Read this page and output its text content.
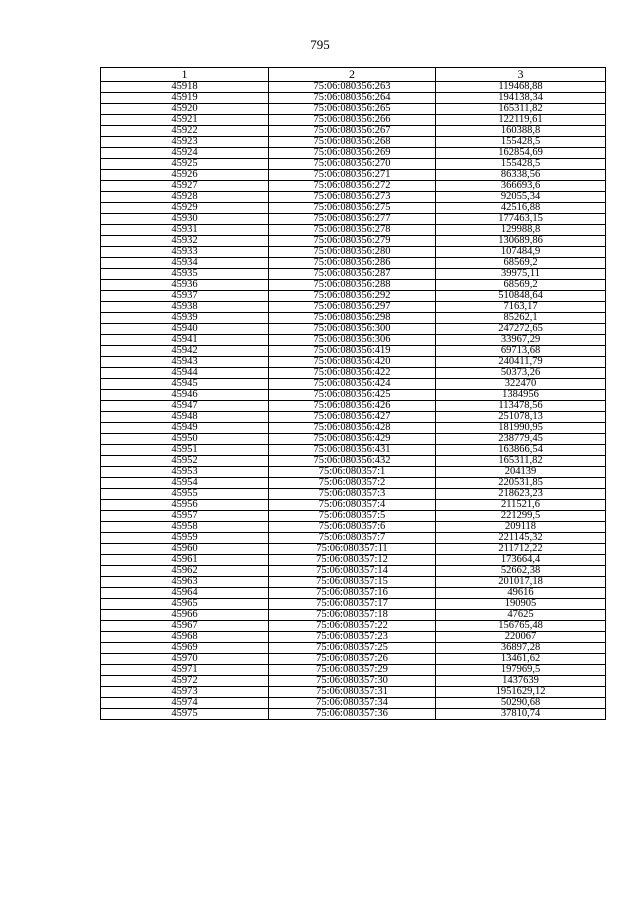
795
1	2	3
45918	75:06:080356:263	119468,88
45919	75:06:080356:264	194138,34
45920	75:06:080356:265	165311,82
45921	75:06:080356:266	122119,61
45922	75:06:080356:267	160388,8
45923	75:06:080356:268	155428,5
45924	75:06:080356:269	162854,69
45925	75:06:080356:270	155428,5
45926	75:06:080356:271	86338,56
45927	75:06:080356:272	366693,6
45928	75:06:080356:273	92055,34
45929	75:06:080356:275	42516,88
45930	75:06:080356:277	177463,15
45931	75:06:080356:278	129988,8
45932	75:06:080356:279	130689,86
45933	75:06:080356:280	107484,9
45934	75:06:080356:286	68569,2
45935	75:06:080356:287	39975,11
45936	75:06:080356:288	68569,2
45937	75:06:080356:292	510848,64
45938	75:06:080356:297	7163,17
45939	75:06:080356:298	85262,1
45940	75:06:080356:300	247272,65
45941	75:06:080356:306	33967,29
45942	75:06:080356:419	69713,68
45943	75:06:080356:420	240411,79
45944	75:06:080356:422	50373,26
45945	75:06:080356:424	322470
45946	75:06:080356:425	1384956
45947	75:06:080356:426	113478,56
45948	75:06:080356:427	251078,13
45949	75:06:080356:428	181990,95
45950	75:06:080356:429	238779,45
45951	75:06:080356:431	163866,54
45952	75:06:080356:432	165311,82
45953	75:06:080357:1	204139
45954	75:06:080357:2	220531,85
45955	75:06:080357:3	218623,23
45956	75:06:080357:4	211521,6
45957	75:06:080357:5	221299,5
45958	75:06:080357:6	209118
45959	75:06:080357:7	221145,32
45960	75:06:080357:11	211712,22
45961	75:06:080357:12	173664,4
45962	75:06:080357:14	52662,38
45963	75:06:080357:15	201017,18
45964	75:06:080357:16	49616
45965	75:06:080357:17	190905
45966	75:06:080357:18	47625
45967	75:06:080357:22	156765,48
45968	75:06:080357:23	220067
45969	75:06:080357:25	36897,28
45970	75:06:080357:26	13461,62
45971	75:06:080357:29	197969,5
45972	75:06:080357:30	1437639
45973	75:06:080357:31	1951629,12
45974	75:06:080357:34	50290,68
45975	75:06:080357:36	37810,74
